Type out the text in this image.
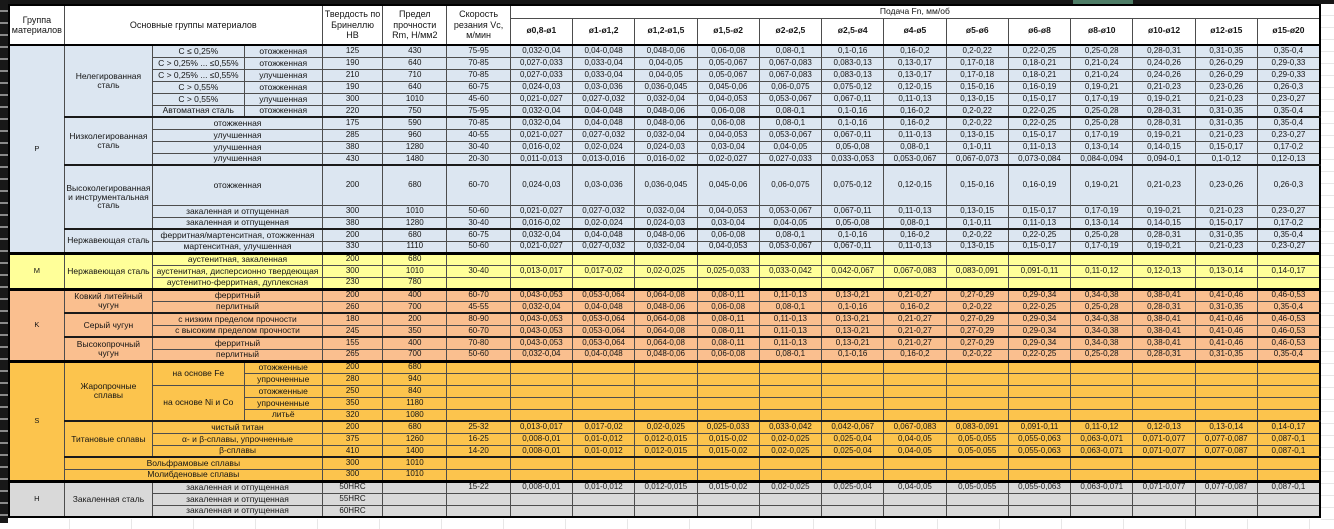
Группа материалов	Основные группы материалов			Твердость по Бринеллю HB	Предел прочности Rm, Н/мм2	Скорость резания Vc, м/мин	Подача Fn, мм/об												
							ø0,8-ø1	ø1-ø1,2	ø1,2-ø1,5	ø1,5-ø2	ø2-ø2,5	ø2,5-ø4	ø4-ø5	ø5-ø6	ø6-ø8	ø8-ø10	ø10-ø12	ø12-ø15	ø15-ø20
P	Нелегированная сталь	C ≤ 0,25%	отожженная	125	430	75-95	0,032-0,04	0,04-0,048	0,048-0,06	0,06-0,08	0,08-0,1	0,1-0,16	0,16-0,2	0,2-0,22	0,22-0,25	0,25-0,28	0,28-0,31	0,31-0,35	0,35-0,4
		C > 0,25% ... ≤0,55%	отожженная	190	640	70-85	0,027-0,033	0,033-0,04	0,04-0,05	0,05-0,067	0,067-0,083	0,083-0,13	0,13-0,17	0,17-0,18	0,18-0,21	0,21-0,24	0,24-0,26	0,26-0,29	0,29-0,33
		C > 0,25% ... ≤0,55%	улучшенная	210	710	70-85	0,027-0,033	0,033-0,04	0,04-0,05	0,05-0,067	0,067-0,083	0,083-0,13	0,13-0,17	0,17-0,18	0,18-0,21	0,21-0,24	0,24-0,26	0,26-0,29	0,29-0,33
		C > 0,55%	отожженная	190	640	60-75	0,024-0,03	0,03-0,036	0,036-0,045	0,045-0,06	0,06-0,075	0,075-0,12	0,12-0,15	0,15-0,16	0,16-0,19	0,19-0,21	0,21-0,23	0,23-0,26	0,26-0,3
		C > 0,55%	улучшенная	300	1010	45-60	0,021-0,027	0,027-0,032	0,032-0,04	0,04-0,053	0,053-0,067	0,067-0,11	0,11-0,13	0,13-0,15	0,15-0,17	0,17-0,19	0,19-0,21	0,21-0,23	0,23-0,27
		Автоматная сталь	отожженная	220	750	75-95	0,032-0,04	0,04-0,048	0,048-0,06	0,06-0,08	0,08-0,1	0,1-0,16	0,16-0,2	0,2-0,22	0,22-0,25	0,25-0,28	0,28-0,31	0,31-0,35	0,35-0,4
	Низколегированная сталь	отожженная		175	590	70-85	0,032-0,04	0,04-0,048	0,048-0,06	0,06-0,08	0,08-0,1	0,1-0,16	0,16-0,2	0,2-0,22	0,22-0,25	0,25-0,28	0,28-0,31	0,31-0,35	0,35-0,4
		улучшенная		285	960	40-55	0,021-0,027	0,027-0,032	0,032-0,04	0,04-0,053	0,053-0,067	0,067-0,11	0,11-0,13	0,13-0,15	0,15-0,17	0,17-0,19	0,19-0,21	0,21-0,23	0,23-0,27
		улучшенная		380	1280	30-40	0,016-0,02	0,02-0,024	0,024-0,03	0,03-0,04	0,04-0,05	0,05-0,08	0,08-0,1	0,1-0,11	0,11-0,13	0,13-0,14	0,14-0,15	0,15-0,17	0,17-0,2
		улучшенная		430	1480	20-30	0,011-0,013	0,013-0,016	0,016-0,02	0,02-0,027	0,027-0,033	0,033-0,053	0,053-0,067	0,067-0,073	0,073-0,084	0,084-0,094	0,094-0,1	0,1-0,12	0,12-0,13
	Высоколегированная и инструментальная сталь	отожженная		200	680	60-70	0,024-0,03	0,03-0,036	0,036-0,045	0,045-0,06	0,06-0,075	0,075-0,12	0,12-0,15	0,15-0,16	0,16-0,19	0,19-0,21	0,21-0,23	0,23-0,26	0,26-0,3
		закаленная и отпущенная		300	1010	50-60	0,021-0,027	0,027-0,032	0,032-0,04	0,04-0,053	0,053-0,067	0,067-0,11	0,11-0,13	0,13-0,15	0,15-0,17	0,17-0,19	0,19-0,21	0,21-0,23	0,23-0,27
		закаленная и отпущенная		380	1280	30-40	0,016-0,02	0,02-0,024	0,024-0,03	0,03-0,04	0,04-0,05	0,05-0,08	0,08-0,1	0,1-0,11	0,11-0,13	0,13-0,14	0,14-0,15	0,15-0,17	0,17-0,2
	Нержавеющая сталь	ферритная/мартенситная, отожженная		200	680	60-75	0,032-0,04	0,04-0,048	0,048-0,06	0,06-0,08	0,08-0,1	0,1-0,16	0,16-0,2	0,2-0,22	0,22-0,25	0,25-0,28	0,28-0,31	0,31-0,35	0,35-0,4
		мартенситная, улучшенная		330	1110	50-60	0,021-0,027	0,027-0,032	0,032-0,04	0,04-0,053	0,053-0,067	0,067-0,11	0,11-0,13	0,13-0,15	0,15-0,17	0,17-0,19	0,19-0,21	0,21-0,23	0,23-0,27
M	Нержавеющая сталь	аустенитная, закаленная		200	680														
		аустенитная, дисперсионно твердеющая		300	1010	30-40	0,013-0,017	0,017-0,02	0,02-0,025	0,025-0,033	0,033-0,042	0,042-0,067	0,067-0,083	0,083-0,091	0,091-0,11	0,11-0,12	0,12-0,13	0,13-0,14	0,14-0,17
		аустенитно-ферритная, дуплексная		230	780														
K	Ковкий литейный чугун	ферритный		200	400	60-70	0,043-0,053	0,053-0,064	0,064-0,08	0,08-0,11	0,11-0,13	0,13-0,21	0,21-0,27	0,27-0,29	0,29-0,34	0,34-0,38	0,38-0,41	0,41-0,46	0,46-0,53
		перлитный		260	700	45-55	0,032-0,04	0,04-0,048	0,048-0,06	0,06-0,08	0,08-0,1	0,1-0,16	0,16-0,2	0,2-0,22	0,22-0,25	0,25-0,28	0,28-0,31	0,31-0,35	0,35-0,4
	Серый чугун	с низким пределом прочности		180	200	80-90	0,043-0,053	0,053-0,064	0,064-0,08	0,08-0,11	0,11-0,13	0,13-0,21	0,21-0,27	0,27-0,29	0,29-0,34	0,34-0,38	0,38-0,41	0,41-0,46	0,46-0,53
		с высоким пределом прочности		245	350	60-70	0,043-0,053	0,053-0,064	0,064-0,08	0,08-0,11	0,11-0,13	0,13-0,21	0,21-0,27	0,27-0,29	0,29-0,34	0,34-0,38	0,38-0,41	0,41-0,46	0,46-0,53
	Высокопрочный чугун	ферритный		155	400	70-80	0,043-0,053	0,053-0,064	0,064-0,08	0,08-0,11	0,11-0,13	0,13-0,21	0,21-0,27	0,27-0,29	0,29-0,34	0,34-0,38	0,38-0,41	0,41-0,46	0,46-0,53
		перлитный		265	700	50-60	0,032-0,04	0,04-0,048	0,048-0,06	0,06-0,08	0,08-0,1	0,1-0,16	0,16-0,2	0,2-0,22	0,22-0,25	0,25-0,28	0,28-0,31	0,31-0,35	0,35-0,4
S	Жаропрочные сплавы	на основе Fe	отожженные	200	680														
			упрочненные	280	940														
		на основе Ni и Co	отожженные	250	840														
			упрочненные	350	1180														
			литьё	320	1080														
	Титановые сплавы	чистый титан		200	680	25-32	0,013-0,017	0,017-0,02	0,02-0,025	0,025-0,033	0,033-0,042	0,042-0,067	0,067-0,083	0,083-0,091	0,091-0,11	0,11-0,12	0,12-0,13	0,13-0,14	0,14-0,17
		α- и β-сплавы, упрочненные		375	1260	16-25	0,008-0,01	0,01-0,012	0,012-0,015	0,015-0,02	0,02-0,025	0,025-0,04	0,04-0,05	0,05-0,055	0,055-0,063	0,063-0,071	0,071-0,077	0,077-0,087	0,087-0,1
		β-сплавы		410	1400	14-20	0,008-0,01	0,01-0,012	0,012-0,015	0,015-0,02	0,02-0,025	0,025-0,04	0,04-0,05	0,05-0,055	0,055-0,063	0,063-0,071	0,071-0,077	0,077-0,087	0,087-0,1
	Вольфрамовые сплавы			300	1010														
	Молибденовые сплавы			300	1010														
H	Закаленная сталь	закаленная и отпущенная		50HRC		15-22	0,008-0,01	0,01-0,012	0,012-0,015	0,015-0,02	0,02-0,025	0,025-0,04	0,04-0,05	0,05-0,055	0,055-0,063	0,063-0,071	0,071-0,077	0,077-0,087	0,087-0,1
		закаленная и отпущенная		55HRC															
		закаленная и отпущенная		60HRC															
